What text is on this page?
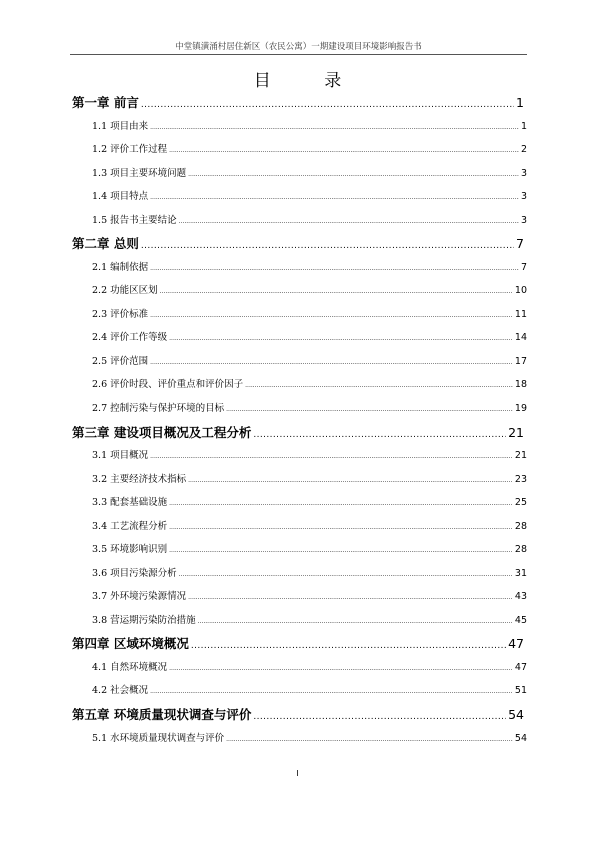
中堂镇潢涌村居住新区（农民公寓）一期建设项目环境影响报告书
目 录
第一章 前言 .....	1
1.1 项目由来 .....	1
1.2 评价工作过程 .....	2
1.3 项目主要环境问题 .....	3
1.4 项目特点 .....	3
1.5 报告书主要结论 .....	3
第二章 总则 .....	7
2.1 编制依据 .....	7
2.2 功能区区划 .....	10
2.3 评价标准 .....	11
2.4 评价工作等级 .....	14
2.5 评价范围 .....	17
2.6 评价时段、评价重点和评价因子 .....	18
2.7 控制污染与保护环境的目标 .....	19
第三章 建设项目概况及工程分析 .....	21
3.1 项目概况 .....	21
3.2 主要经济技术指标 .....	23
3.3 配套基础设施 .....	25
3.4 工艺流程分析 .....	28
3.5 环境影响识别 .....	28
3.6 项目污染源分析 .....	31
3.7 外环境污染源情况 .....	43
3.8 营运期污染防治措施 .....	45
第四章 区域环境概况 .....	47
4.1 自然环境概况 .....	47
4.2 社会概况 .....	51
第五章 环境质量现状调查与评价 .....	54
5.1 水环境质量现状调查与评价 .....	54
I
